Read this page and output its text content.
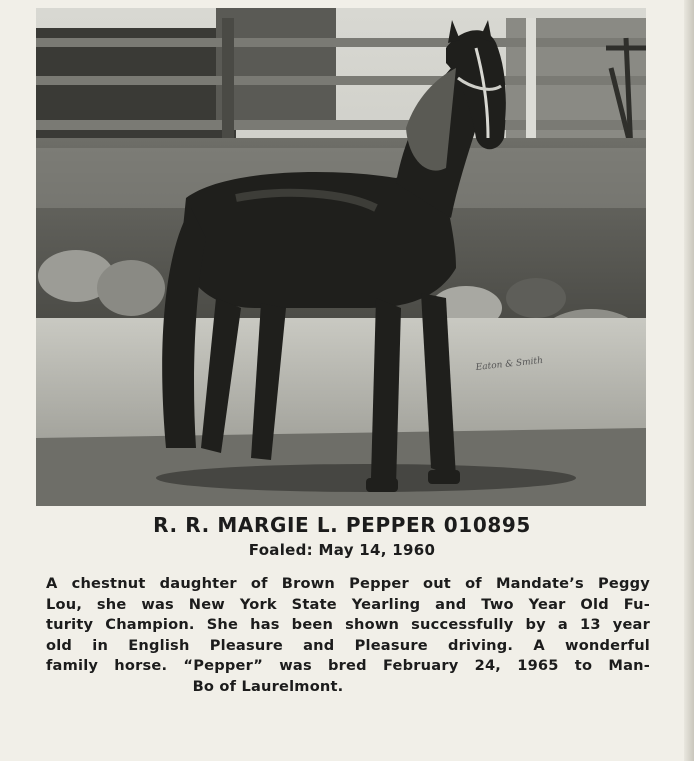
Eaton & Smith

R. R. MARGIE L. PEPPER 010895

Foaled: May 14, 1960

A chestnut daughter of Brown Pepper out of Mandate’s Peggy
Lou, she was New York State Yearling and Two Year Old Fu-
turity Champion. She has been shown successfully by a 13 year
old in English Pleasure and Pleasure driving. A wonderful
family horse. “Pepper” was bred February 24, 1965 to Man-
Bo of Laurelmont.
